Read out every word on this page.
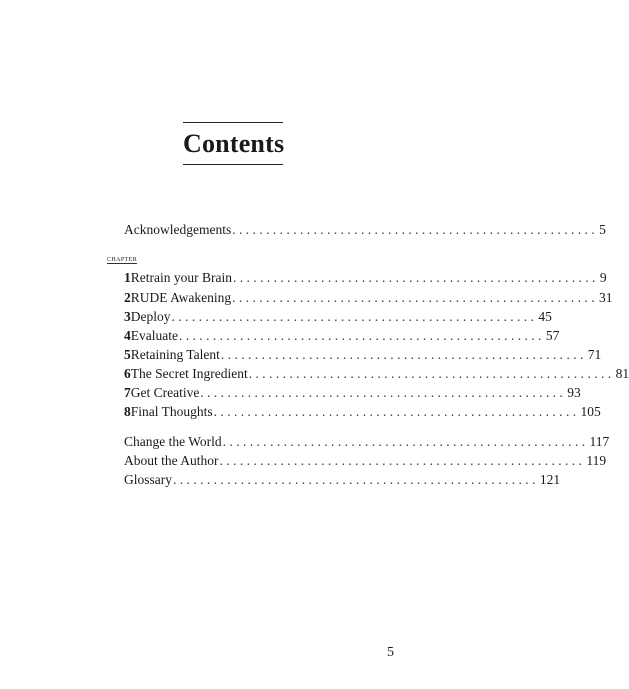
Contents
Acknowledgements ...................................................... 5
chapter
1 Retrain your Brain ...................................................... 9
2 RUDE Awakening ...................................................... 31
3 Deploy ...................................................... 45
4 Evaluate ...................................................... 57
5 Retaining Talent ...................................................... 71
6 The Secret Ingredient ...................................................... 81
7 Get Creative ...................................................... 93
8 Final Thoughts ...................................................... 105
Change the World ...................................................... 117
About the Author ...................................................... 119
Glossary ...................................................... 121
5
